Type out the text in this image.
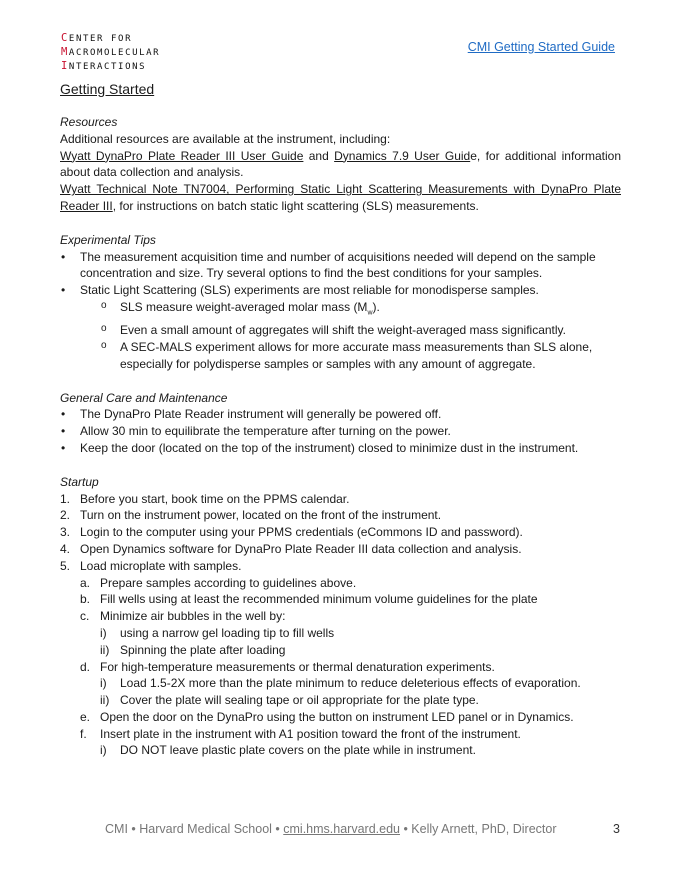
CENTER FOR
MACROMOLECULAR
INTERACTIONS
CMI Getting Started Guide
Getting Started
Resources

Additional resources are available at the instrument, including:

Wyatt DynaPro Plate Reader III User Guide and Dynamics 7.9 User Guide, for additional information about data collection and analysis.

Wyatt Technical Note TN7004, Performing Static Light Scattering Measurements with DynaPro Plate Reader III, for instructions on batch static light scattering (SLS) measurements.

Experimental Tips
• The measurement acquisition time and number of acquisitions needed will depend on the sample concentration and size. Try several options to find the best conditions for your samples.
• Static Light Scattering (SLS) experiments are most reliable for monodisperse samples.
o SLS measure weight-averaged molar mass $(M_w)$.
o Even a small amount of aggregates will shift the weight-averaged mass significantly.
o A SEC-MALS experiment allows for more accurate mass measurements than SLS alone, especially for polydisperse samples or samples with any amount of aggregate.
General Care and Maintenance
• The DynaPro Plate Reader instrument will generally be powered off.
• Allow 30 min to equilibrate the temperature after turning on the power.
• Keep the door (located on the top of the instrument) closed to minimize dust in the instrument.
Startup
1. Before you start, book time on the PPMS calendar.
2. Turn on the instrument power, located on the front of the instrument.
3. Login to the computer using your PPMS credentials (eCommons ID and password).
4. Open Dynamics software for DynaPro Plate Reader III data collection and analysis.
5. Load microplate with samples.
a. Prepare samples according to guidelines above.
b. Fill wells using at least the recommended minimum volume guidelines for the plate
c. Minimize air bubbles in the well by:
i) using a narrow gel loading tip to fill wells
ii) Spinning the plate after loading
d. For high-temperature measurements or thermal denaturation experiments.
i) Load 1.5-2X more than the plate minimum to reduce deleterious effects of evaporation.
ii) Cover the plate will sealing tape or oil appropriate for the plate type.
e. Open the door on the DynaPro using the button on instrument LED panel or in Dynamics.
f. Insert plate in the instrument with A1 position toward the front of the instrument.
i) DO NOT leave plastic plate covers on the plate while in instrument.
CMI • Harvard Medical School • cmi.hms.harvard.edu • Kelly Arnett, PhD, Director	3
